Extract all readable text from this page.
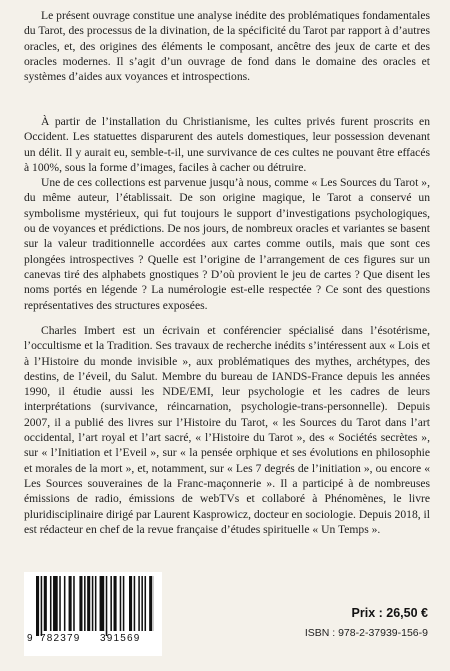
Le présent ouvrage constitue une analyse inédite des problématiques fondamentales du Tarot, des processus de la divination, de la spécificité du Tarot par rapport à d’autres oracles, et, des origines des éléments le composant, ancêtre des jeux de carte et des oracles modernes. Il s’agit d’un ouvrage de fond dans le domaine des oracles et systèmes d’aides aux voyances et introspections.

À partir de l’installation du Christianisme, les cultes privés furent proscrits en Occident. Les statuettes disparurent des autels domestiques, leur possession devenant un délit. Il y aurait eu, semble-t-il, une survivance de ces cultes ne pouvant être effacés à 100%, sous la forme d’images, faciles à cacher ou détruire.

Une de ces collections est parvenue jusqu’à nous, comme « Les Sources du Tarot », du même auteur, l’établissait. De son origine magique, le Tarot a conservé un symbolisme mystérieux, qui fut toujours le support d’investigations psychologiques, ou de voyances et prédictions. De nos jours, de nombreux oracles et variantes se basent sur la valeur traditionnelle accordées aux cartes comme outils, mais que sont ces plongées introspectives ? Quelle est l’origine de l’arrangement de ces figures sur un canevas tiré des alphabets gnostiques ? D’où provient le jeu de cartes ? Que disent les noms portés en légende ? La numérologie est-elle respectée ? Ce sont des questions représentatives des structures exposées.

Charles Imbert est un écrivain et conférencier spécialisé dans l’ésotérisme, l’occultisme et la Tradition. Ses travaux de recherche inédits s’intéressent aux « Lois et à l’Histoire du monde invisible », aux problématiques des mythes, archétypes, des destins, de l’éveil, du Salut. Membre du bureau de IANDS-France depuis les années 1990, il étudie aussi les NDE/EMI, leur psychologie et les cadres de leurs interprétations (survivance, réincarnation, psychologie-trans-personnelle). Depuis 2007, il a publié des livres sur l’Histoire du Tarot, « les Sources du Tarot dans l’art occidental, l’art royal et l’art sacré, « l’Histoire du Tarot », des « Sociétés secrètes », sur « l’Initiation et l’Eveil », sur « la pensée orphique et ses évolutions en philosophie et morales de la mort », et, notamment, sur « Les 7 degrés de l’initiation », ou encore « Les Sources souveraines de la Franc-maçonnerie ». Il a participé à de nombreuses émissions de radio, émissions de webTVs et collaboré à Phénomènes, le livre pluridisciplinaire dirigé par Laurent Kasprowicz, docteur en sociologie. Depuis 2018, il est rédacteur en chef de la revue française d’études spirituelle « Un Temps ».

9 782379 391569
Prix : 26,50 €
ISBN : 978-2-37939-156-9
